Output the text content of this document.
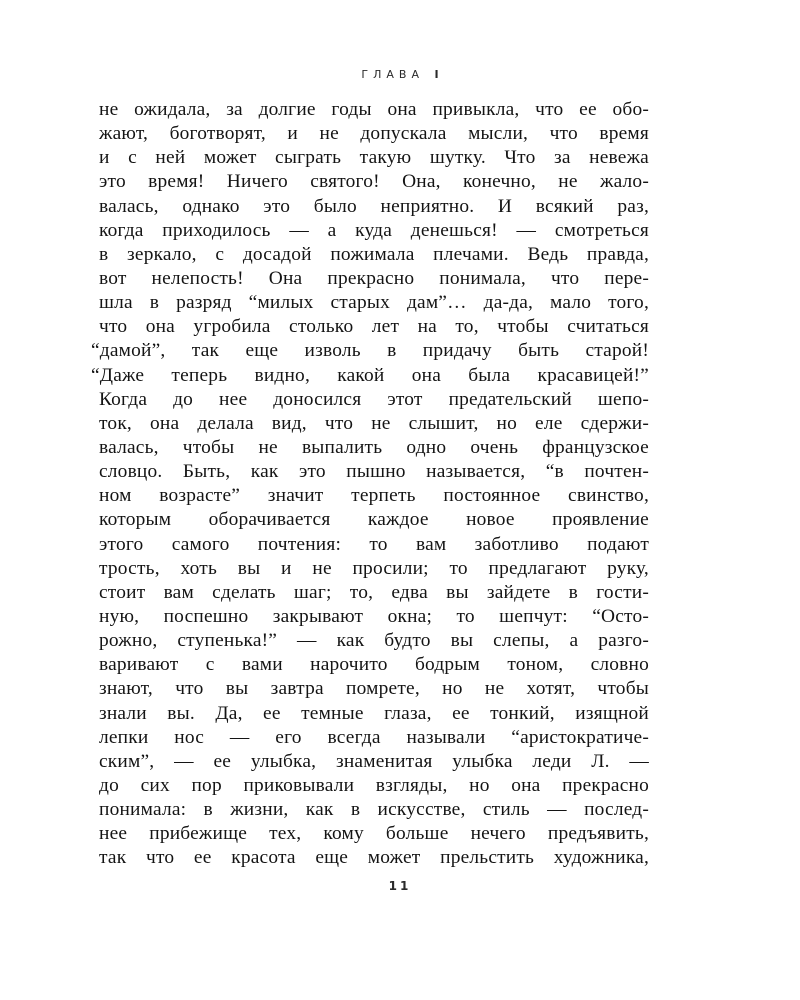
ГЛАВА I
не ожидала, за долгие годы она привыкла, что ее обо-
жают, боготворят, и не допускала мысли, что время
и с ней может сыграть такую шутку. Что за невежа
это время! Ничего святого! Она, конечно, не жало-
валась, однако это было неприятно. И всякий раз,
когда приходилось — а куда денешься! — смотреться
в зеркало, с досадой пожимала плечами. Ведь правда,
вот нелепость! Она прекрасно понимала, что пере-
шла в разряд “милых старых дам”… да-да, мало того,
что она угробила столько лет на то, чтобы считаться
“дамой”, так еще изволь в придачу быть старой!
“Даже теперь видно, какой она была красавицей!”
Когда до нее доносился этот предательский шепо-
ток, она делала вид, что не слышит, но еле сдержи-
валась, чтобы не выпалить одно очень французское
словцо. Быть, как это пышно называется, “в почтен-
ном возрасте” значит терпеть постоянное свинство,
которым оборачивается каждое новое проявление
этого самого почтения: то вам заботливо подают
трость, хоть вы и не просили; то предлагают руку,
стоит вам сделать шаг; то, едва вы зайдете в гости-
ную, поспешно закрывают окна; то шепчут: “Осто-
рожно, ступенька!” — как будто вы слепы, а разго-
варивают с вами нарочито бодрым тоном, словно
знают, что вы завтра помрете, но не хотят, чтобы
знали вы. Да, ее темные глаза, ее тонкий, изящной
лепки нос — его всегда называли “аристократиче-
ским”, — ее улыбка, знаменитая улыбка леди Л. —
до сих пор приковывали взгляды, но она прекрасно
понимала: в жизни, как в искусстве, стиль — послед-
нее прибежище тех, кому больше нечего предъявить,
так что ее красота еще может прельстить художника,
11
